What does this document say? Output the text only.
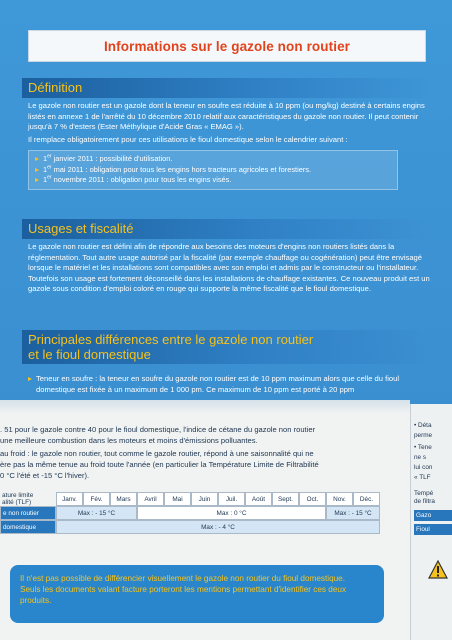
Informations sur le gazole non routier
Définition
Le gazole non routier est un gazole dont la teneur en soufre est réduite à 10 ppm (ou mg/kg) destiné à certains engins listés en annexe 1 de l'arrêté du 10 décembre 2010 relatif aux caractéristiques du gazole non routier. Il peut contenir jusqu'à 7 % d'esters (Ester Méthylique d'Acide Gras « EMAG »).
Il remplace obligatoirement pour ces utilisations le fioul domestique selon le calendrier suivant :
1er janvier 2011 : possibilité d'utilisation.
1er mai 2011 : obligation pour tous les engins hors tracteurs agricoles et forestiers.
1er novembre 2011 : obligation pour tous les engins visés.
Usages et fiscalité
Le gazole non routier est défini afin de répondre aux besoins des moteurs d'engins non routiers listés dans la réglementation. Tout autre usage autorisé par la fiscalité (par exemple chauffage ou cogénération) peut être envisagé lorsque le matériel et les installations sont compatibles avec son emploi et admis par le constructeur ou l'installateur. Toutefois son usage est fortement déconseillé dans les installations de chauffage existantes. Ce nouveau produit est un gazole sous condition d'emploi coloré en rouge qui supporte la même fiscalité que le fioul domestique.
Principales différences entre le gazole non routier
et le fioul domestique
Teneur en soufre : la teneur en soufre du gazole non routier est de 10 ppm maximum alors que celle du fioul domestique est fixée à un maximum de 1 000 pm. Ce maximum de 10 ppm est porté à 20 ppm
. 51 pour le gazole contre 40 pour le fioul domestique, l'indice de cétane du gazole non routier
une meilleure combustion dans les moteurs et moins d'émissions polluantes.
au froid : le gazole non routier, tout comme le gazole routier, répond à une saisonnalité qui ne
ère pas la même tenue au froid toute l'année (en particulier la Température Limite de Filtrabilité
0 °C l'été et -15 °C l'hiver).
ature limite
alité (TLF)	Janv.	Fév.	Mars	Avril	Mai	Juin	Juil.	Août	Sept.	Oct.	Nov.	Déc.
e non routier	Max : - 15 °C	Max : 0 °C	Max : - 15 °C
domestique	Max : - 4 °C
Il n'est pas possible de différencier visuellement le gazole non routier du fioul domestique. Seuls les documents valant facture porteront les mentions permettant d'identifier ces deux produits.
• Déta
perme
• Tene
ne s
lui con
« TLF
Tempé
de filtra
Gazo
Fioul
